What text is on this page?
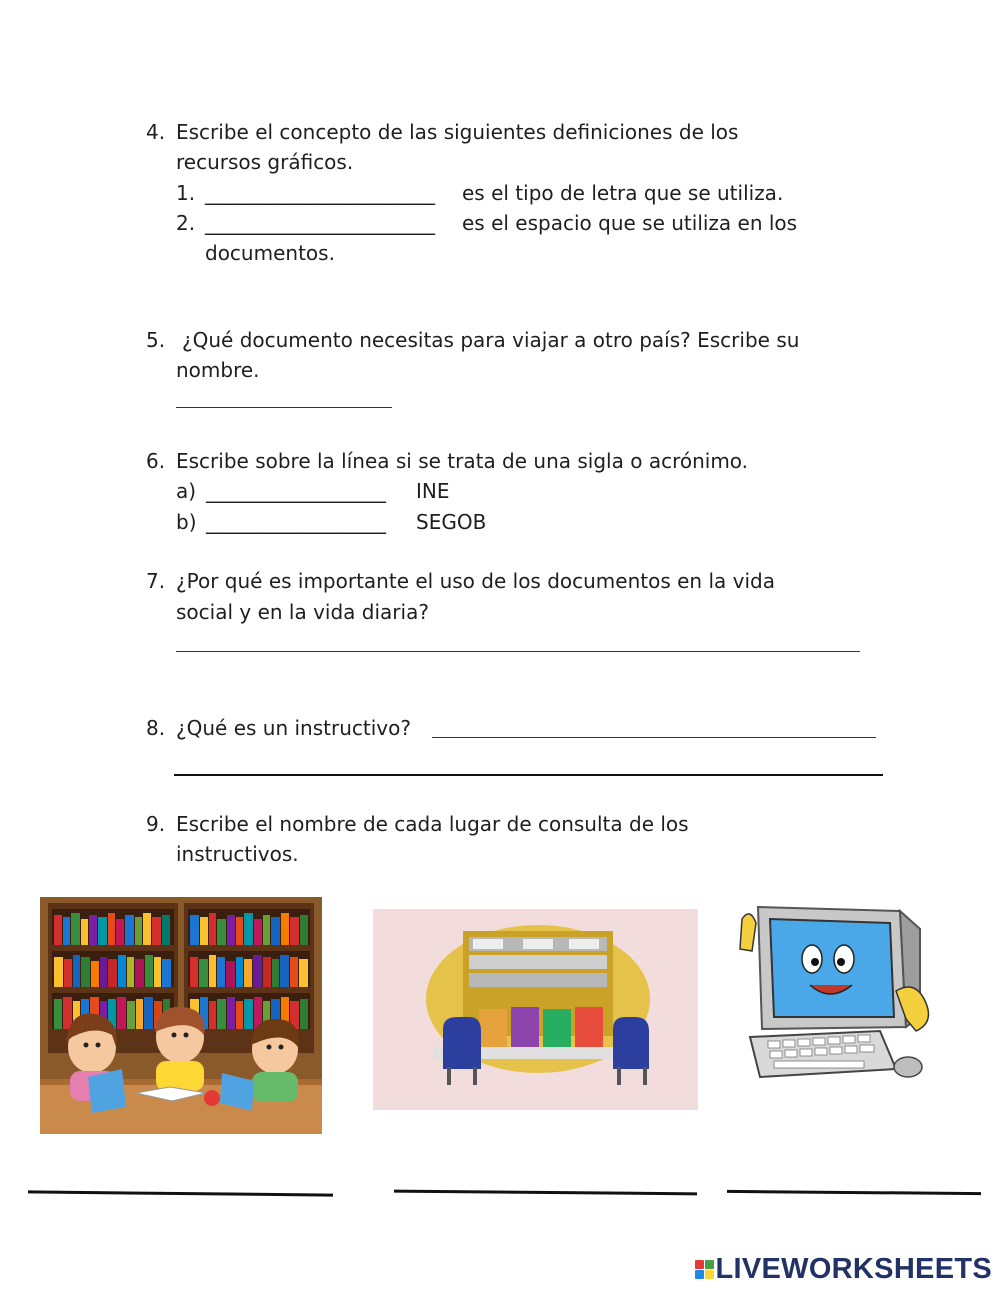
4. Escribe el concepto de las siguientes definiciones de los
recursos gráficos.
1. _______________________ es el tipo de letra que se utiliza.
2. _______________________ es el espacio que se utiliza en los
documentos.
5. ¿Qué documento necesitas para viajar a otro país? Escribe su
nombre.
6. Escribe sobre la línea si se trata de una sigla o acrónimo.
a) __________________ INE
b) __________________ SEGOB
7. ¿Por qué es importante el uso de los documentos en la vida
social y en la vida diaria?
8. ¿Qué es un instructivo?
9. Escribe el nombre de cada lugar de consulta de los
instructivos.
LIVEWORKSHEETS
